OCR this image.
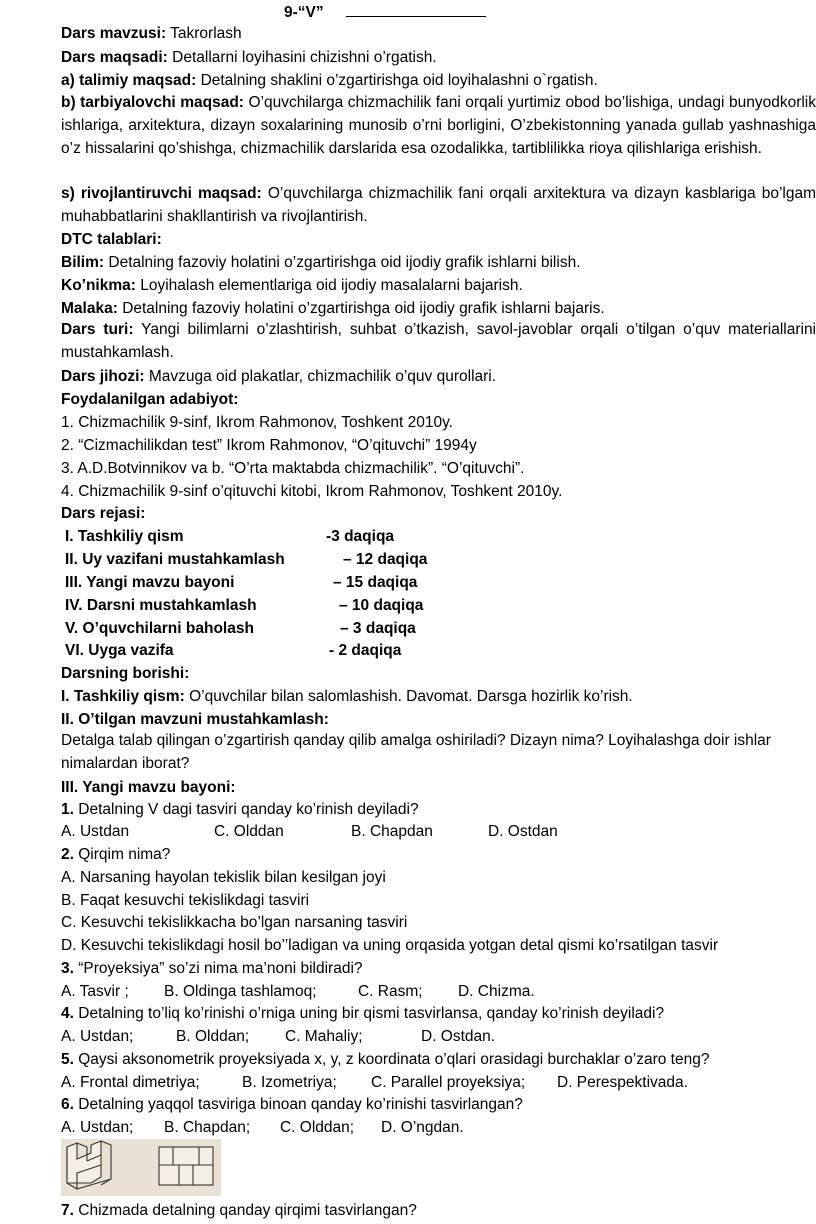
9-“V”
Dars mavzusi: Takrorlash
Dars maqsadi: Detallarni loyihasini chizishni o’rgatish.
a) talimiy maqsad: Detalning shaklini o’zgartirishga oid loyihalashni o`rgatish.
b) tarbiyalovchi maqsad: O’quvchilarga chizmachilik fani orqali yurtimiz obod bo’lishiga, undagi bunyodkorlik ishlariga, arxitektura, dizayn soxalarining munosib o’rni borligini, O’zbekistonning yanada gullab yashnashiga o’z hissalarini qo’shishga, chizmachilik darslarida esa ozodalikka, tartiblilikka rioya qilishlariga erishish.
s) rivojlantiruvchi maqsad: O’quvchilarga chizmachilik fani orqali arxitektura va dizayn kasblariga bo’lgam muhabbatlarini shakllantirish va rivojlantirish.
DTC talablari:
Bilim: Detalning fazoviy holatini o’zgartirishga oid ijodiy grafik ishlarni bilish.
Ko’nikma: Loyihalash elementlariga oid ijodiy masalalarni bajarish.
Malaka: Detalning fazoviy holatini o’zgartirishga oid ijodiy grafik ishlarni bajaris.
Dars turi: Yangi bilimlarni o’zlashtirish, suhbat o’tkazish, savol-javoblar orqali o’tilgan o’quv materiallarini mustahkamlash.
Dars jihozi: Mavzuga oid plakatlar, chizmachilik o’quv qurollari.
Foydalanilgan adabiyot:
1. Chizmachilik 9-sinf, Ikrom Rahmonov, Toshkent 2010y.
2. “Cizmachilikdan test” Ikrom Rahmonov, “O’qituvchi” 1994y
3. A.D.Botvinnikov va b. “O’rta maktabda chizmachilik”. “O’qituvchi”.
4. Chizmachilik 9-sinf o’qituvchi kitobi, Ikrom Rahmonov, Toshkent 2010y.
Dars rejasi:
I. Tashkiliy qism	-3 daqiqa
II. Uy vazifani mustahkamlash	– 12 daqiqa
III. Yangi mavzu bayoni	– 15 daqiqa
IV. Darsni mustahkamlash	– 10 daqiqa
V. O’quvchilarni baholash	– 3 daqiqa
VI. Uyga vazifa	- 2 daqiqa
Darsning borishi:
I. Tashkiliy qism: O’quvchilar bilan salomlashish. Davomat. Darsga hozirlik ko’rish.
II. O’tilgan mavzuni mustahkamlash:
Detalga talab qilingan o’zgartirish qanday qilib amalga oshiriladi? Dizayn nima? Loyihalashga doir ishlar nimalardan iborat?
III. Yangi mavzu bayoni:
1. Detalning V dagi tasviri qanday ko’rinish deyiladi?
A. Ustdan	C. Olddan	B. Chapdan	D. Ostdan
2. Qirqim nima?
A. Narsaning hayolan tekislik bilan kesilgan joyi
B. Faqat kesuvchi tekislikdagi tasviri
C. Kesuvchi tekislikkacha bo’lgan narsaning tasviri
D. Kesuvchi tekislikdagi hosil bo’’ladigan va uning orqasida yotgan detal qismi ko’rsatilgan tasvir
3. “Proyeksiya” so’zi nima ma’noni bildiradi?
A. Tasvir ; B. Oldinga tashlamoq;	C. Rasm; D. Chizma.
4. Detalning to’liq ko’rinishi o’rniga uning bir qismi tasvirlansa, qanday ko’rinish deyiladi?
A. Ustdan;	B. Olddan; C. Mahaliy;	D. Ostdan.
5. Qaysi aksonometrik proyeksiyada x, y, z koordinata o’qlari orasidagi burchaklar o’zaro teng?
A. Frontal dimetriya;	B. Izometriya; C. Parallel proyeksiya; D. Perespektivada.
6. Detalning yaqqol tasviriga binoan qanday ko’rinishi tasvirlangan?
A. Ustdan; B. Chapdan; C. Olddan; D. O’ngdan.
7. Chizmada detalning qanday qirqimi tasvirlangan?
